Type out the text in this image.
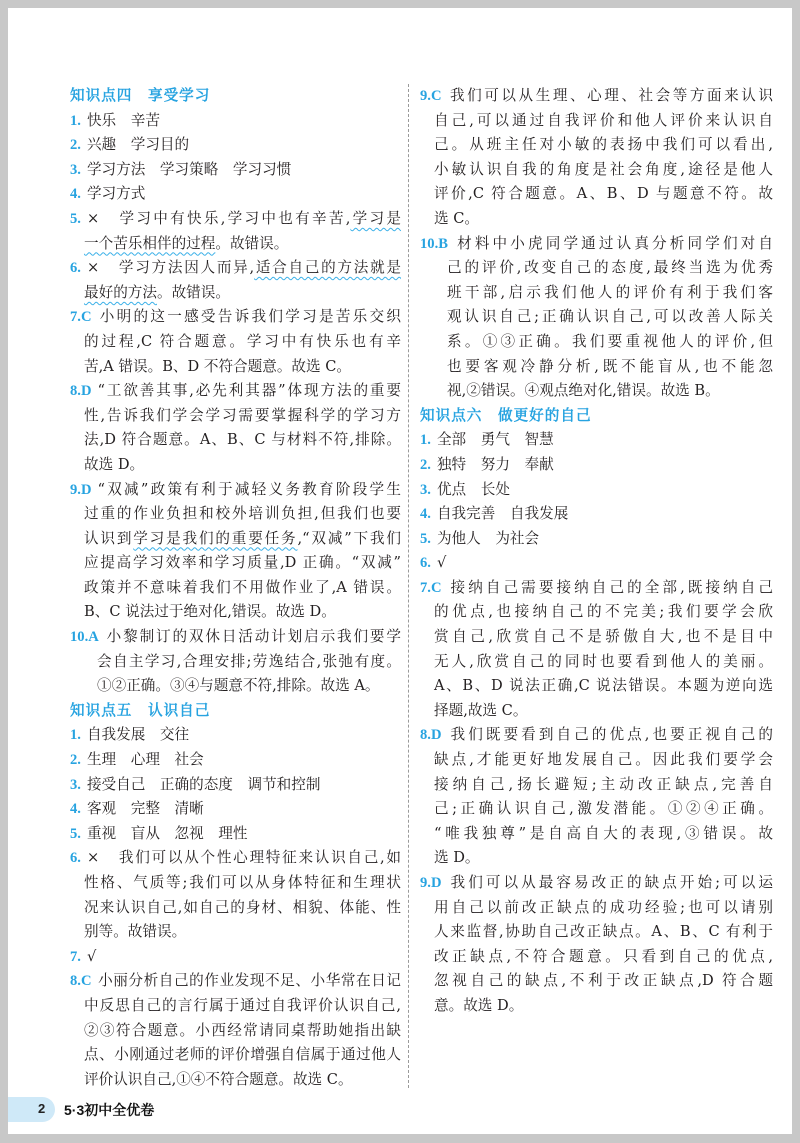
知识点四　享受学习
1. 快乐　辛苦
2. 兴趣　学习目的
3. 学习方法　学习策略　学习习惯
4. 学习方式
5. × 学习中有快乐,学习中也有辛苦,学习是
一个苦乐相伴的过程。故错误。
6. × 学习方法因人而异,适合自己的方法就是
最好的方法。故错误。
7.C 小明的这一感受告诉我们学习是苦乐交织
的过程,C 符合题意。学习中有快乐也有辛
苦,A 错误。B、D 不符合题意。故选 C。
8.D “工欲善其事,必先利其器”体现方法的重要
性,告诉我们学会学习需要掌握科学的学习方
法,D 符合题意。A、B、C 与材料不符,排除。
故选 D。
9.D “双减”政策有利于减轻义务教育阶段学生
过重的作业负担和校外培训负担,但我们也要
认识到学习是我们的重要任务,“双减”下我们
应提高学习效率和学习质量,D 正确。“双减”
政策并不意味着我们不用做作业了,A 错误。
B、C 说法过于绝对化,错误。故选 D。
10.A 小黎制订的双休日活动计划启示我们要学
会自主学习,合理安排;劳逸结合,张弛有度。
①②正确。③④与题意不符,排除。故选 A。
知识点五　认识自己
1. 自我发展　交往
2. 生理　心理　社会
3. 接受自己　正确的态度　调节和控制
4. 客观　完整　清晰
5. 重视　盲从　忽视　理性
6. × 我们可以从个性心理特征来认识自己,如
性格、气质等;我们可以从身体特征和生理状
况来认识自己,如自己的身材、相貌、体能、性
别等。故错误。
7. √
8.C 小丽分析自己的作业发现不足、小华常在日记
中反思自己的言行属于通过自我评价认识自己,
②③符合题意。小西经常请同桌帮助她指出缺
点、小刚通过老师的评价增强自信属于通过他人
评价认识自己,①④不符合题意。故选 C。
9.C 我们可以从生理、心理、社会等方面来认识
自己,可以通过自我评价和他人评价来认识自
己。从班主任对小敏的表扬中我们可以看出,
小敏认识自我的角度是社会角度,途径是他人
评价,C 符合题意。A、B、D 与题意不符。故
选 C。
10.B 材料中小虎同学通过认真分析同学们对自
己的评价,改变自己的态度,最终当选为优秀
班干部,启示我们他人的评价有利于我们客
观认识自己;正确认识自己,可以改善人际关
系。①③正确。我们要重视他人的评价,但
也要客观冷静分析,既不能盲从,也不能忽
视,②错误。④观点绝对化,错误。故选 B。
知识点六　做更好的自己
1. 全部　勇气　智慧
2. 独特　努力　奉献
3. 优点　长处
4. 自我完善　自我发展
5. 为他人　为社会
6. √
7.C 接纳自己需要接纳自己的全部,既接纳自己
的优点,也接纳自己的不完美;我们要学会欣
赏自己,欣赏自己不是骄傲自大,也不是目中
无人,欣赏自己的同时也要看到他人的美丽。
A、B、D 说法正确,C 说法错误。本题为逆向选
择题,故选 C。
8.D 我们既要看到自己的优点,也要正视自己的
缺点,才能更好地发展自己。因此我们要学会
接纳自己,扬长避短;主动改正缺点,完善自
己;正确认识自己,激发潜能。①②④正确。
“唯我独尊”是自高自大的表现,③错误。故
选 D。
9.D 我们可以从最容易改正的缺点开始;可以运
用自己以前改正缺点的成功经验;也可以请别
人来监督,协助自己改正缺点。A、B、C 有利于
改正缺点,不符合题意。只看到自己的优点,
忽视自己的缺点,不利于改正缺点,D 符合题
意。故选 D。
2 5·3初中全优卷
